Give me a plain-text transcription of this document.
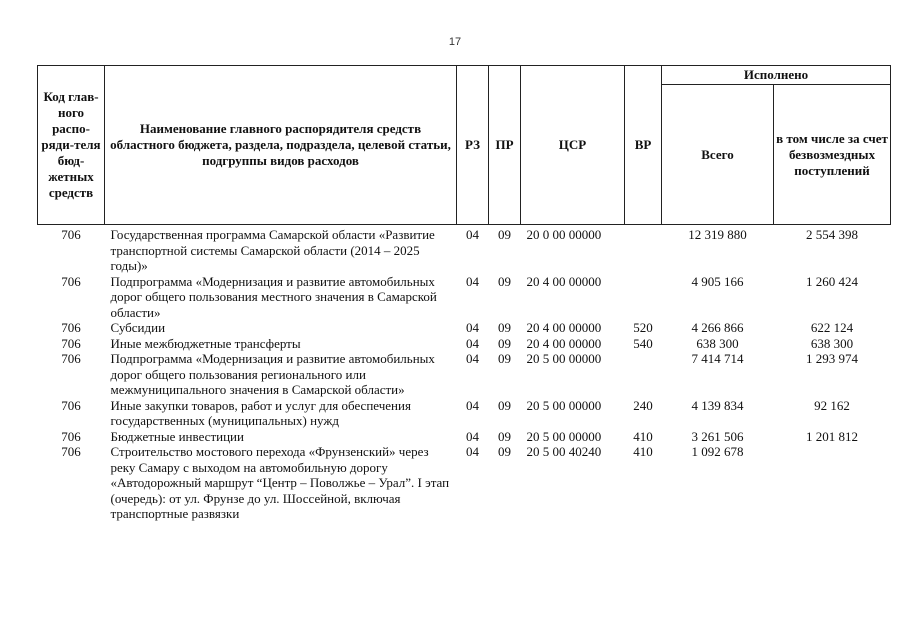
17
Код глав-ного распо-ряди-теля бюд-жетных средств	Наименование главного распорядителя средств областного бюджета, раздела, подраздела, целевой статьи, подгруппы видов расходов	РЗ	ПР	ЦСР	ВР	Исполнено	
						Всего	в том числе за счет безвозмездных поступлений
706	Государственная программа Самарской области «Развитие транспортной системы Самарской области (2014 – 2025 годы)»	04	09	20 0 00 00000		12 319 880	2 554 398
706	Подпрограмма «Модернизация и развитие автомобильных дорог общего пользования местного значения в Самарской области»	04	09	20 4 00 00000		4 905 166	1 260 424
706	Субсидии	04	09	20 4 00 00000	520	4 266 866	622 124
706	Иные межбюджетные трансферты	04	09	20 4 00 00000	540	638 300	638 300
706	Подпрограмма «Модернизация и развитие автомобильных дорог общего пользования регионального или межмуниципального значения в Самарской области»	04	09	20 5 00 00000		7 414 714	1 293 974
706	Иные закупки товаров, работ и услуг для обеспечения государственных (муниципальных) нужд	04	09	20 5 00 00000	240	4 139 834	92 162
706	Бюджетные инвестиции	04	09	20 5 00 00000	410	3 261 506	1 201 812
706	Строительство мостового перехода «Фрунзенский» через реку Самару с выходом на автомобильную дорогу «Автодорожный маршрут “Центр – Поволжье – Урал”. I этап (очередь): от ул. Фрунзе до ул. Шоссейной, включая транспортные развязки	04	09	20 5 00 40240	410	1 092 678	
